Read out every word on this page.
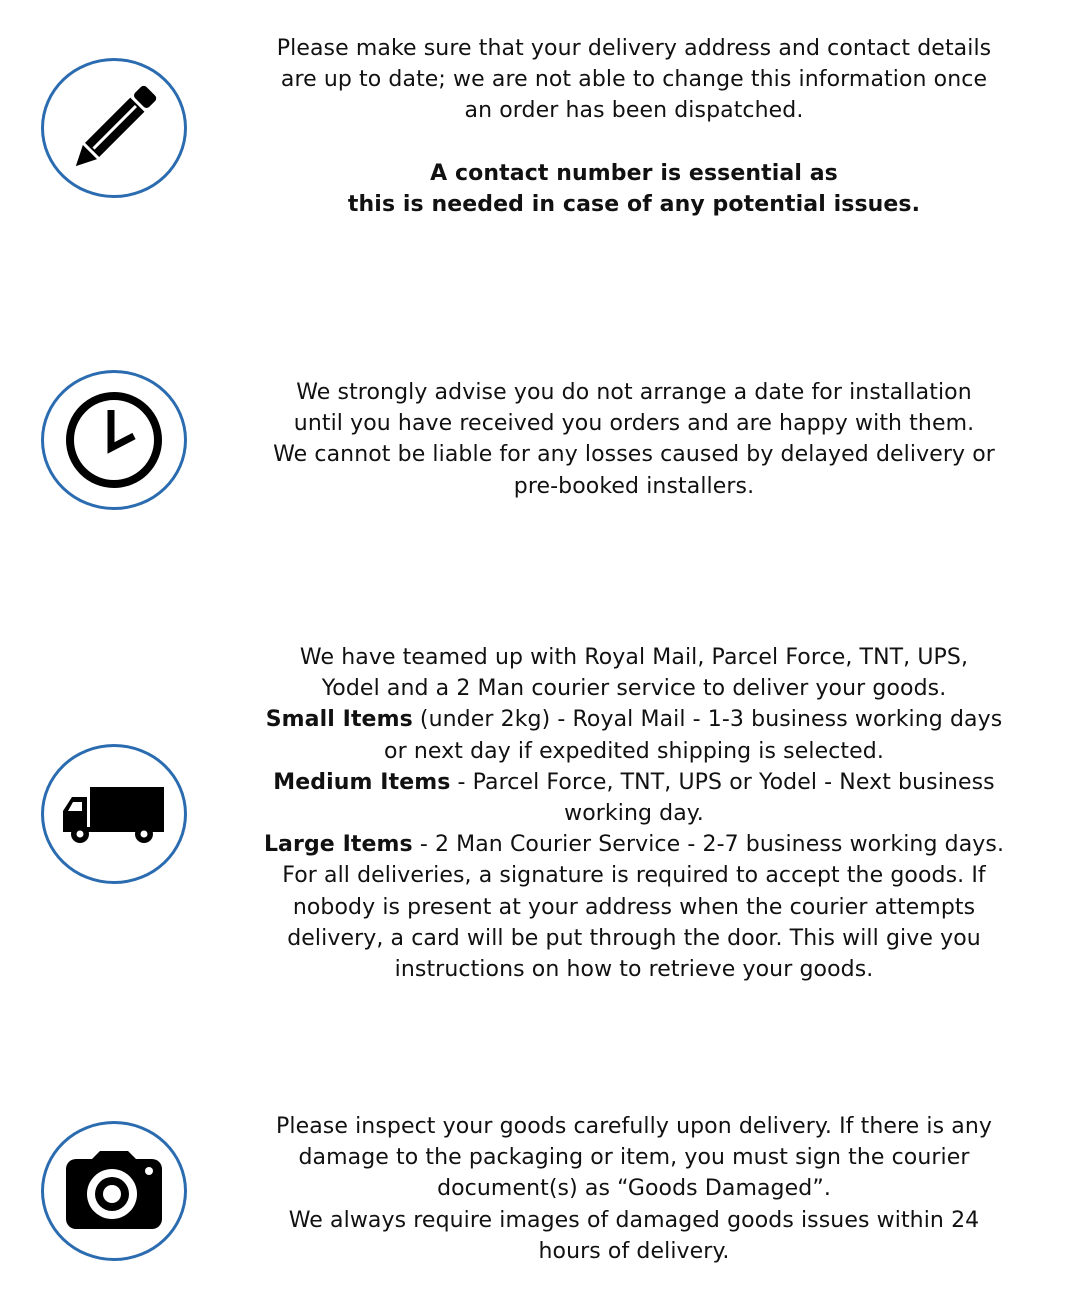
Please make sure that your delivery address and contact details

are up to date; we are not able to change this information once

an order has been dispatched.

A contact number is essential as

this is needed in case of any potential issues.

We strongly advise you do not arrange a date for installation

until you have received you orders and are happy with them.

We cannot be liable for any losses caused by delayed delivery or

pre-booked installers.

We have teamed up with Royal Mail, Parcel Force, TNT, UPS,

Yodel and a 2 Man courier service to deliver your goods.

Small Items (under 2kg) - Royal Mail - 1-3 business working days

or next day if expedited shipping is selected.

Medium Items - Parcel Force, TNT, UPS or Yodel - Next business

working day.

Large Items - 2 Man Courier Service - 2-7 business working days.

For all deliveries, a signature is required to accept the goods. If

nobody is present at your address when the courier attempts

delivery, a card will be put through the door. This will give you

instructions on how to retrieve your goods.

Please inspect your goods carefully upon delivery. If there is any

damage to the packaging or item, you must sign the courier

document(s) as “Goods Damaged”.

We always require images of damaged goods issues within 24

hours of delivery.
